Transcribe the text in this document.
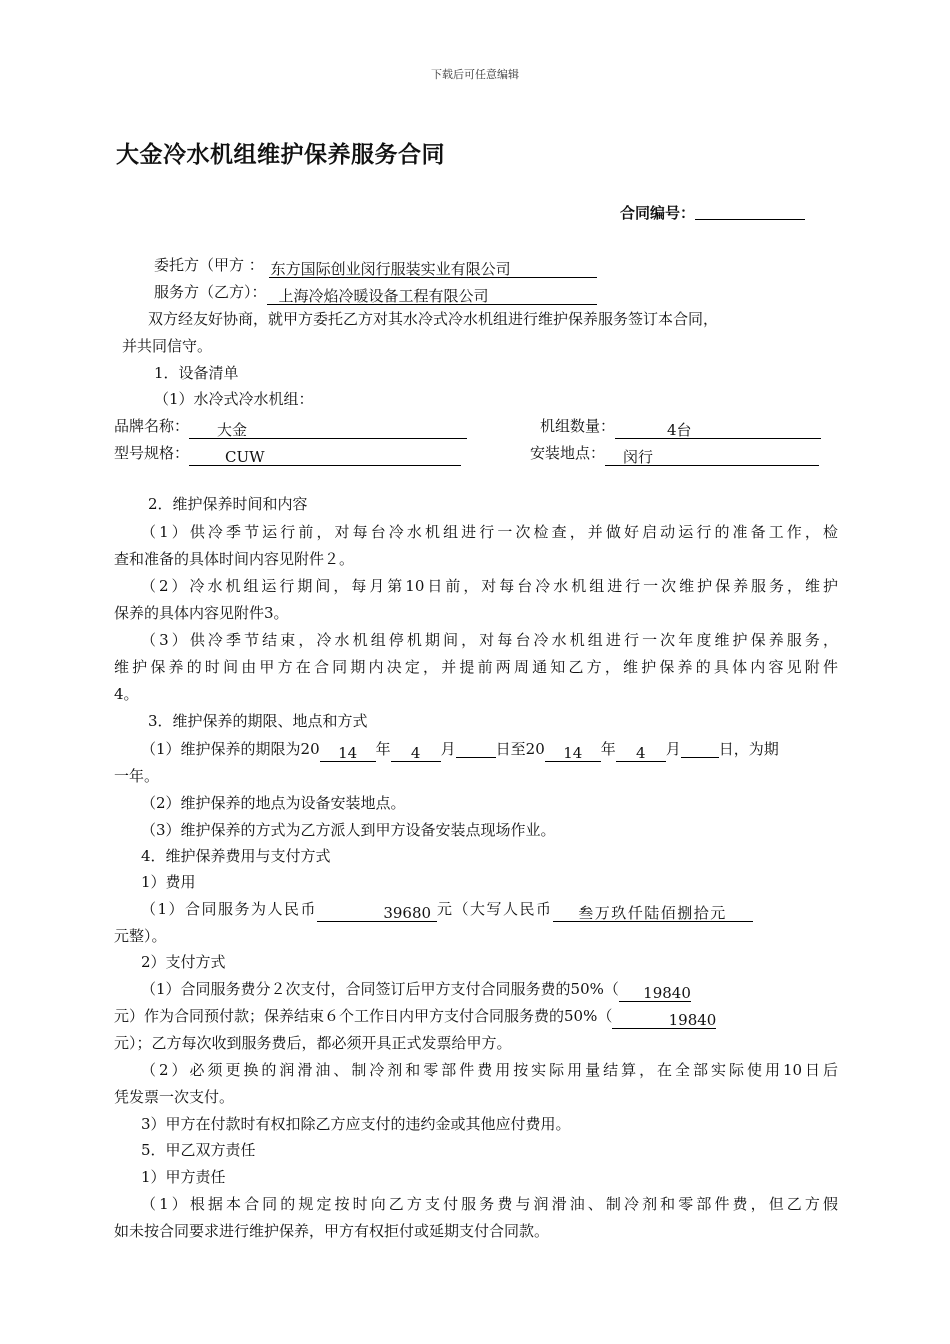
下载后可任意编辑
大金冷水机组维护保养服务合同
合同编号：
委托方（甲方 ： 东方国际创业闵行服装实业有限公司
服务方（乙方）： 上海冷焰冷暖设备工程有限公司
双方经友好协商，就甲方委托乙方对其水冷式冷水机组进行维护保养服务签订本合同，
并共同信守。
1．设备清单
（1）水冷式冷水机组：
品牌名称： 大金	机组数量：	4台
型号规格： CUW	安装地点： 闵行
2．维护保养时间和内容
（1）供冷季节运行前，对每台冷水机组进行一次检查，并做好启动运行的准备工作，检
查和准备的具体时间内容见附件２。
（2）冷水机组运行期间，每月第10日前，对每台冷水机组进行一次维护保养服务，维护
保养的具体内容见附件3。
（3）供冷季节结束，冷水机组停机期间，对每台冷水机组进行一次年度维护保养服务，
维护保养的时间由甲方在合同期内决定，并提前两周通知乙方，维护保养的具体内容见附件
4。
3．维护保养的期限、地点和方式
（1）维护保养的期限为20 14 年 4 月	日至20 14 年 4 月	日，为期
一年。
（2）维护保养的地点为设备安装地点。
（3）维护保养的方式为乙方派人到甲方设备安装点现场作业。
4．维护保养费用与支付方式
1）费用
（1）合同服务为人民币	39680 元（大写人民币 叁万玖仟陆佰捌拾元
元整）。
2）支付方式
（1）合同服务费分２次支付，合同签订后甲方支付合同服务费的50%（ 19840
元）作为合同预付款；保养结束６个工作日内甲方支付合同服务费的50%（	19840
元）；乙方每次收到服务费后，都必须开具正式发票给甲方。
（2）必须更换的润滑油、制冷剂和零部件费用按实际用量结算，在全部实际使用10日后
凭发票一次支付。
3）甲方在付款时有权扣除乙方应支付的违约金或其他应付费用。
5．甲乙双方责任
1）甲方责任
（1）根据本合同的规定按时向乙方支付服务费与润滑油、制冷剂和零部件费，但乙方假
如未按合同要求进行维护保养，甲方有权拒付或延期支付合同款。
